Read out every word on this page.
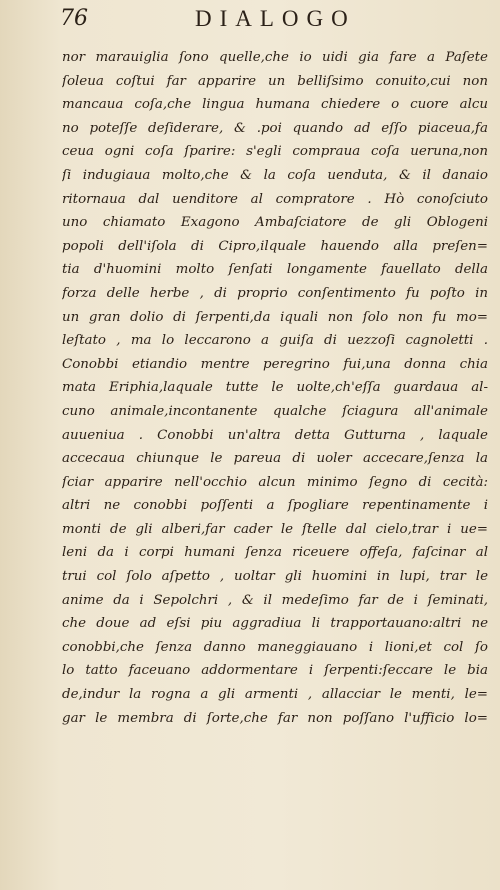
76	DIALOGO
nor marauiglia ſono quelle,che io uidi gia fare a Paſete
ſoleua coſtui far apparire un belliſsimo conuito,cui non
mancaua coſa,che lingua humana chiedere o cuore alcu
no poteſſe deſiderare, & .poi quando ad eſſo piaceua,fa
ceua ogni coſa ſparire: s'egli compraua coſa ueruna,non
ſi indugiaua molto,che & la coſa uenduta, & il danaio
ritornaua dal uenditore al compratore . Hò conoſciuto
uno chiamato Exagono Ambaſciatore de gli Oblogeni
popoli dell'iſola di Cipro,ilquale hauendo alla preſen=
tia d'huomini molto ſenſati longamente fauellato della
forza delle herbe , di proprio conſentimento fu poſto in
un gran dolio di ſerpenti,da iquali non ſolo non fu mo=
leſtato , ma lo leccarono a guiſa di uezzoſi cagnoletti .
Conobbi etiandio mentre peregrino fui,una donna chia
mata Eriphia,laquale tutte le uolte,ch'eſſa guardaua al-
cuno animale,incontanente qualche ſciagura all'animale
auueniua . Conobbi un'altra detta Gutturna , laquale
accecaua chiunque le pareua di uoler accecare,ſenza la
ſciar apparire nell'occhio alcun minimo ſegno di cecità:
altri ne conobbi poſſenti a ſpogliare repentinamente i
monti de gli alberi,far cader le ſtelle dal cielo,trar i ue=
leni da i corpi humani ſenza riceuere offeſa, faſcinar al
trui col ſolo aſpetto , uoltar gli huomini in lupi, trar le
anime da i Sepolchri , & il medeſimo far de i ſeminati,
che doue ad eſsi piu aggradiua li trapportauano:altri ne
conobbi,che ſenza danno maneggiauano i lioni,et col ſo
lo tatto faceuano addormentare i ſerpenti:ſeccare le bia
de,indur la rogna a gli armenti , allacciar le menti, le=
gar le membra di ſorte,che far non poſſano l'ufficio lo=
